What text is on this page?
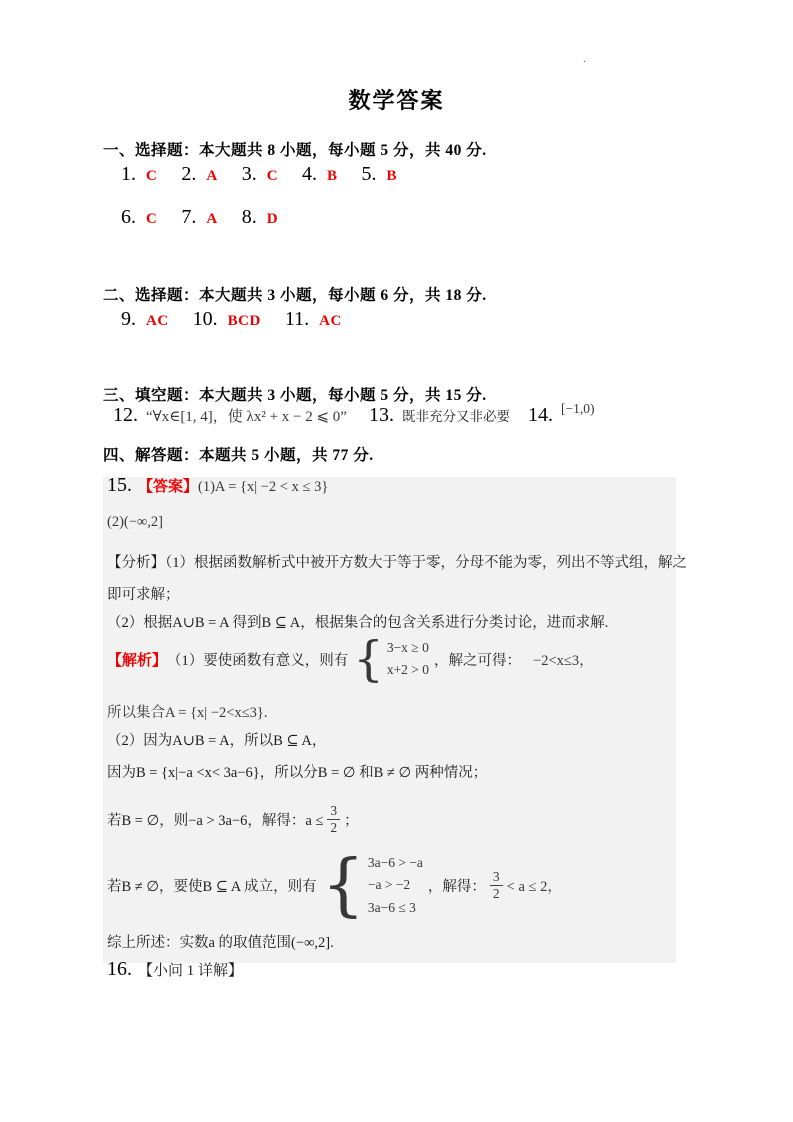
.
数学答案
一、选择题：本大题共 8 小题，每小题 5 分，共 40 分.
1. C 2. A 3. C 4. B 5. B
6. C 7. A 8. D
二、选择题：本大题共 3 小题，每小题 6 分，共 18 分.
9. AC 10. BCD 11. AC
三、填空题：本大题共 3 小题，每小题 5 分，共 15 分.
12. “∀x∈[1, 4]，使 λx² + x − 2 ⩽ 0” 13. 既非充分又非必要 14. [−1,0)
四、解答题：本题共 5 小题，共 77 分.
15. 【答案】 (1)A = {x| −2 < x ≤ 3}
(2)(−∞,2]
【分析】（1）根据函数解析式中被开方数大于等于零，分母不能为零，列出不等式组，解之
即可求解；
（2）根据A∪B = A 得到B ⊆ A，根据集合的包含关系进行分类讨论，进而求解.
【解析】 （1）要使函数有意义，则有 { 3−x ≥ 0
x+2 > 0
，解之可得： −2<x≤3，
所以集合A = {x| −2<x≤3}.
（2）因为A∪B = A，所以B ⊆ A，
因为B = {x|−a <x< 3a−6}，所以分B = ∅ 和B ≠ ∅ 两种情况；
若B = ∅，则−a > 3a−6，解得：$a \le \frac{3}{2}$ ；
若B ≠ ∅，要使B ⊆ A 成立，则有 { 3a−6 > −a
−a > −2
3a−6 ≤ 3
，解得： $\frac{3}{2} < a \le 2$，
综上所述：实数a 的取值范围(−∞,2].
16. 【小问 1 详解】
